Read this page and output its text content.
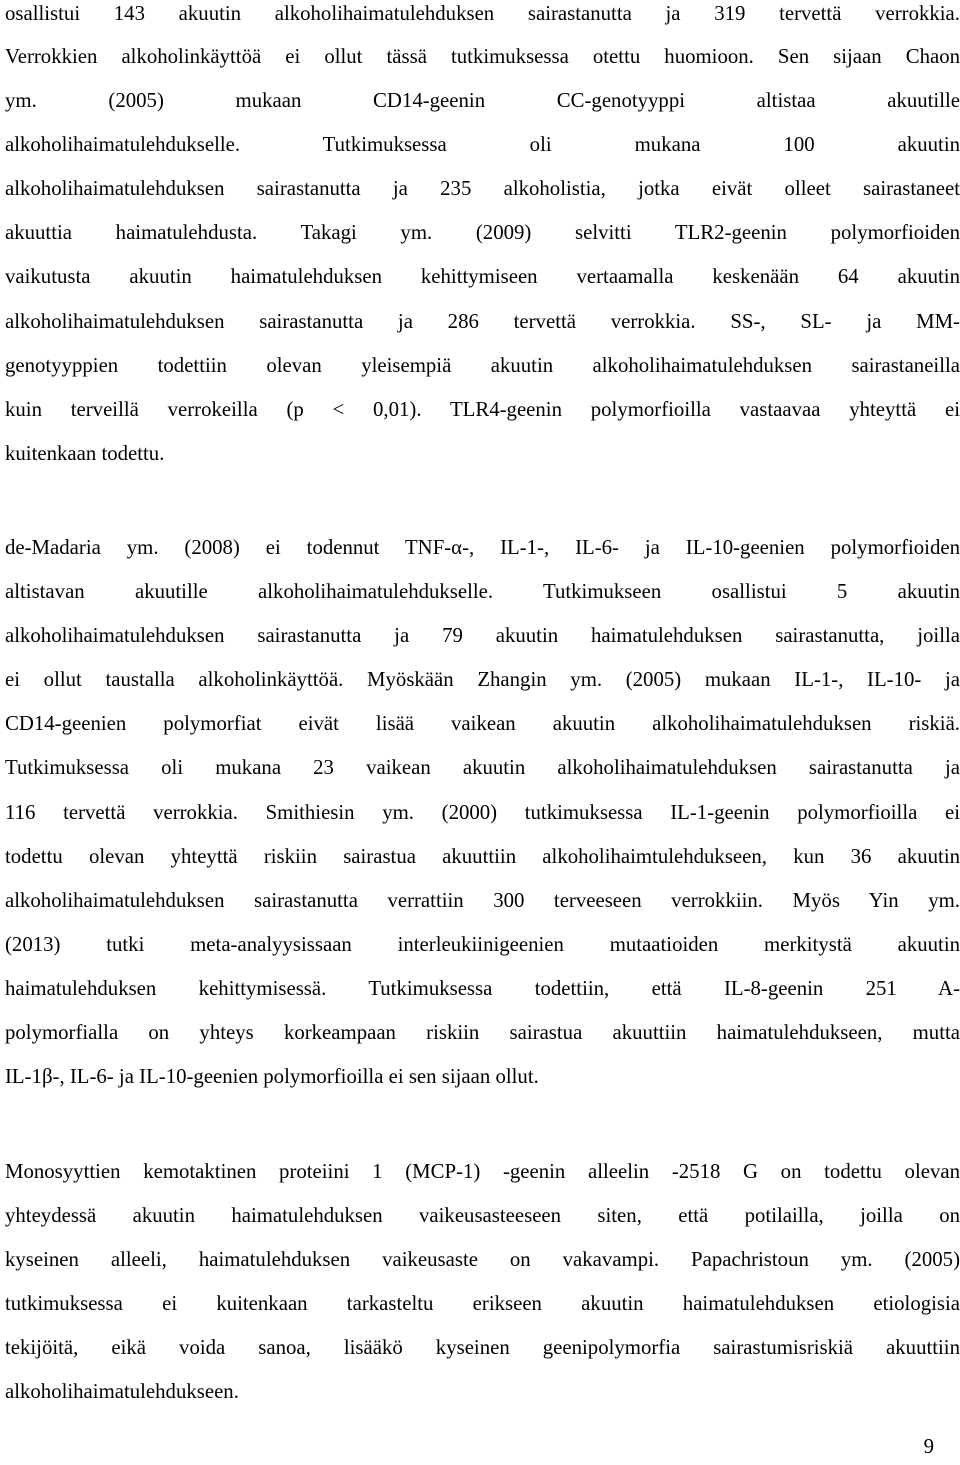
osallistui 143 akuutin alkoholihaimatulehduksen sairastanutta ja 319 tervettä verrokkia.

Verrokkien alkoholinkäyttöä ei ollut tässä tutkimuksessa otettu huomioon. Sen sijaan Chaon

ym. (2005) mukaan CD14-geenin CC-genotyyppi altistaa akuutille

alkoholihaimatulehdukselle. Tutkimuksessa oli mukana 100 akuutin

alkoholihaimatulehduksen sairastanutta ja 235 alkoholistia, jotka eivät olleet sairastaneet

akuuttia haimatulehdusta. Takagi ym. (2009) selvitti TLR2-geenin polymorfioiden

vaikutusta akuutin haimatulehduksen kehittymiseen vertaamalla keskenään 64 akuutin

alkoholihaimatulehduksen sairastanutta ja 286 tervettä verrokkia. SS-, SL- ja MM-

genotyyppien todettiin olevan yleisempiä akuutin alkoholihaimatulehduksen sairastaneilla

kuin terveillä verrokeilla (p < 0,01). TLR4-geenin polymorfioilla vastaavaa yhteyttä ei

kuitenkaan todettu.

de-Madaria ym. (2008) ei todennut TNF-α-, IL-1-, IL-6- ja IL-10-geenien polymorfioiden

altistavan akuutille alkoholihaimatulehdukselle. Tutkimukseen osallistui 5 akuutin

alkoholihaimatulehduksen sairastanutta ja 79 akuutin haimatulehduksen sairastanutta, joilla

ei ollut taustalla alkoholinkäyttöä. Myöskään Zhangin ym. (2005) mukaan IL-1-, IL-10- ja

CD14-geenien polymorfiat eivät lisää vaikean akuutin alkoholihaimatulehduksen riskiä.

Tutkimuksessa oli mukana 23 vaikean akuutin alkoholihaimatulehduksen sairastanutta ja

116 tervettä verrokkia. Smithiesin ym. (2000) tutkimuksessa IL-1-geenin polymorfioilla ei

todettu olevan yhteyttä riskiin sairastua akuuttiin alkoholihaimtulehdukseen, kun 36 akuutin

alkoholihaimatulehduksen sairastanutta verrattiin 300 terveeseen verrokkiin. Myös Yin ym.

(2013) tutki meta-analyysissaan interleukiinigeenien mutaatioiden merkitystä akuutin

haimatulehduksen kehittymisessä. Tutkimuksessa todettiin, että IL-8-geenin 251 A-

polymorfialla on yhteys korkeampaan riskiin sairastua akuuttiin haimatulehdukseen, mutta

IL-1β-, IL-6- ja IL-10-geenien polymorfioilla ei sen sijaan ollut.

Monosyyttien kemotaktinen proteiini 1 (MCP-1) -geenin alleelin -2518 G on todettu olevan

yhteydessä akuutin haimatulehduksen vaikeusasteeseen siten, että potilailla, joilla on

kyseinen alleeli, haimatulehduksen vaikeusaste on vakavampi. Papachristoun ym. (2005)

tutkimuksessa ei kuitenkaan tarkasteltu erikseen akuutin haimatulehduksen etiologisia

tekijöitä, eikä voida sanoa, lisääkö kyseinen geenipolymorfia sairastumisriskiä akuuttiin

alkoholihaimatulehdukseen.

9
